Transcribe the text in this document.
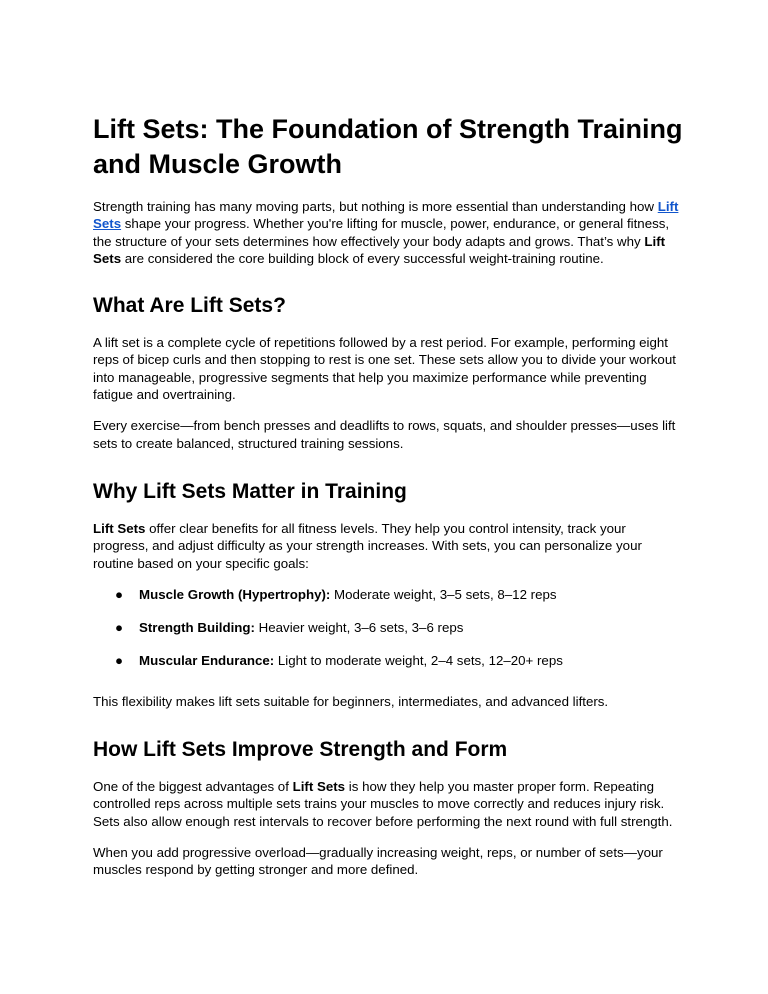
Lift Sets: The Foundation of Strength Training and Muscle Growth

Strength training has many moving parts, but nothing is more essential than understanding how Lift Sets shape your progress. Whether you're lifting for muscle, power, endurance, or general fitness, the structure of your sets determines how effectively your body adapts and grows. That’s why Lift Sets are considered the core building block of every successful weight-training routine.

What Are Lift Sets?

A lift set is a complete cycle of repetitions followed by a rest period. For example, performing eight reps of bicep curls and then stopping to rest is one set. These sets allow you to divide your workout into manageable, progressive segments that help you maximize performance while preventing fatigue and overtraining.

Every exercise—from bench presses and deadlifts to rows, squats, and shoulder presses—uses lift sets to create balanced, structured training sessions.

Why Lift Sets Matter in Training

Lift Sets offer clear benefits for all fitness levels. They help you control intensity, track your progress, and adjust difficulty as your strength increases. With sets, you can personalize your routine based on your specific goals:

● Muscle Growth (Hypertrophy): Moderate weight, 3–5 sets, 8–12 reps
● Strength Building: Heavier weight, 3–6 sets, 3–6 reps
● Muscular Endurance: Light to moderate weight, 2–4 sets, 12–20+ reps

This flexibility makes lift sets suitable for beginners, intermediates, and advanced lifters.

How Lift Sets Improve Strength and Form

One of the biggest advantages of Lift Sets is how they help you master proper form. Repeating controlled reps across multiple sets trains your muscles to move correctly and reduces injury risk. Sets also allow enough rest intervals to recover before performing the next round with full strength.

When you add progressive overload—gradually increasing weight, reps, or number of sets—your muscles respond by getting stronger and more defined.
